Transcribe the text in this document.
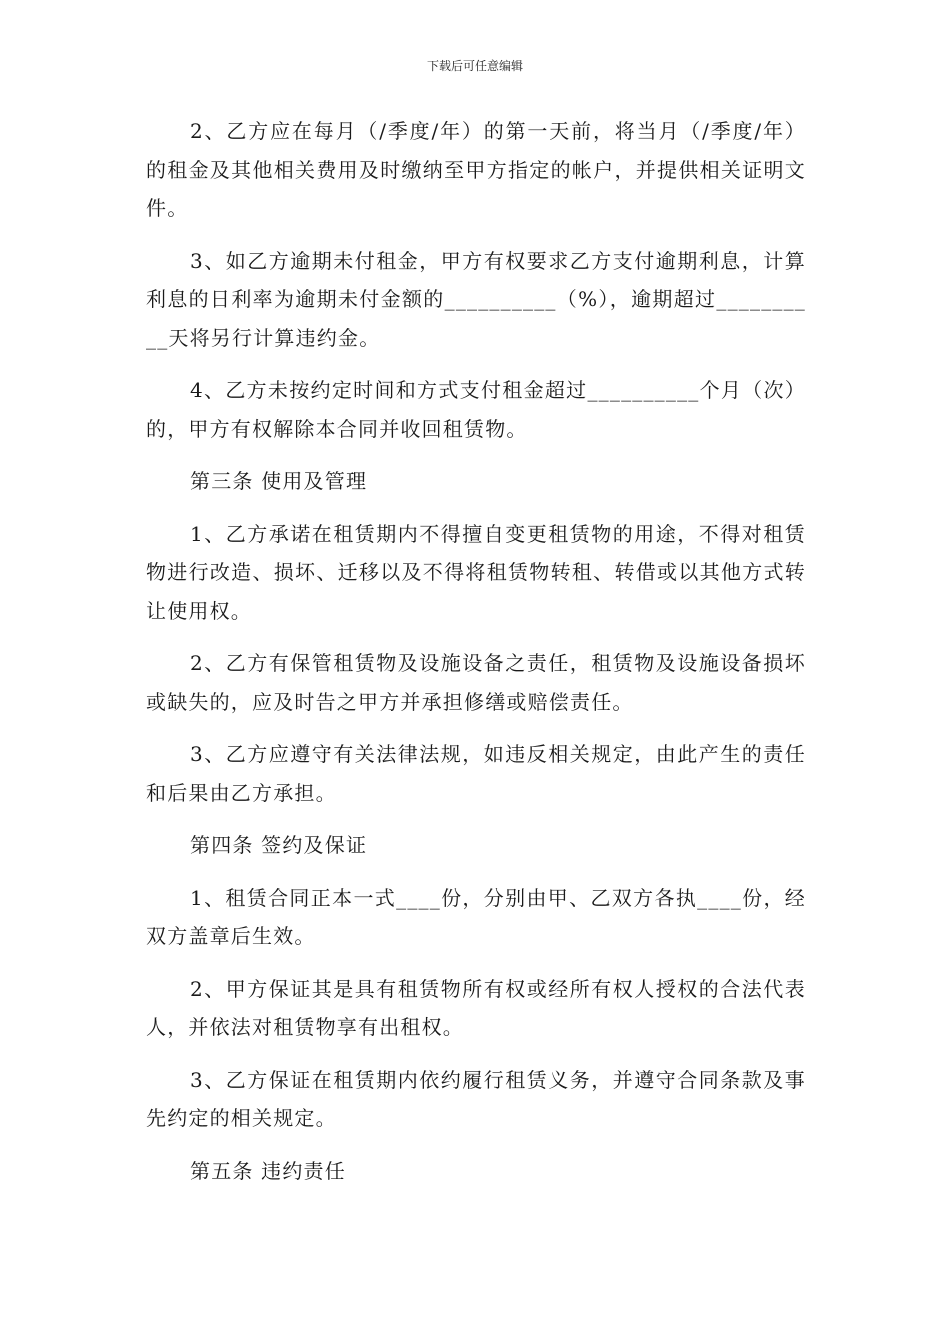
下载后可任意编辑

2、乙方应在每月（/季度/年）的第一天前，将当月（/季度/年）的租金及其他相关费用及时缴纳至甲方指定的帐户，并提供相关证明文件。

3、如乙方逾期未付租金，甲方有权要求乙方支付逾期利息，计算利息的日利率为逾期未付金额的__________（%），逾期超过__________天将另行计算违约金。

4、乙方未按约定时间和方式支付租金超过__________个月（次）的，甲方有权解除本合同并收回租赁物。

第三条 使用及管理

1、乙方承诺在租赁期内不得擅自变更租赁物的用途，不得对租赁物进行改造、损坏、迁移以及不得将租赁物转租、转借或以其他方式转让使用权。

2、乙方有保管租赁物及设施设备之责任，租赁物及设施设备损坏或缺失的，应及时告之甲方并承担修缮或赔偿责任。

3、乙方应遵守有关法律法规，如违反相关规定，由此产生的责任和后果由乙方承担。

第四条 签约及保证

1、租赁合同正本一式____份，分别由甲、乙双方各执____份，经双方盖章后生效。

2、甲方保证其是具有租赁物所有权或经所有权人授权的合法代表人，并依法对租赁物享有出租权。

3、乙方保证在租赁期内依约履行租赁义务，并遵守合同条款及事先约定的相关规定。

第五条 违约责任
